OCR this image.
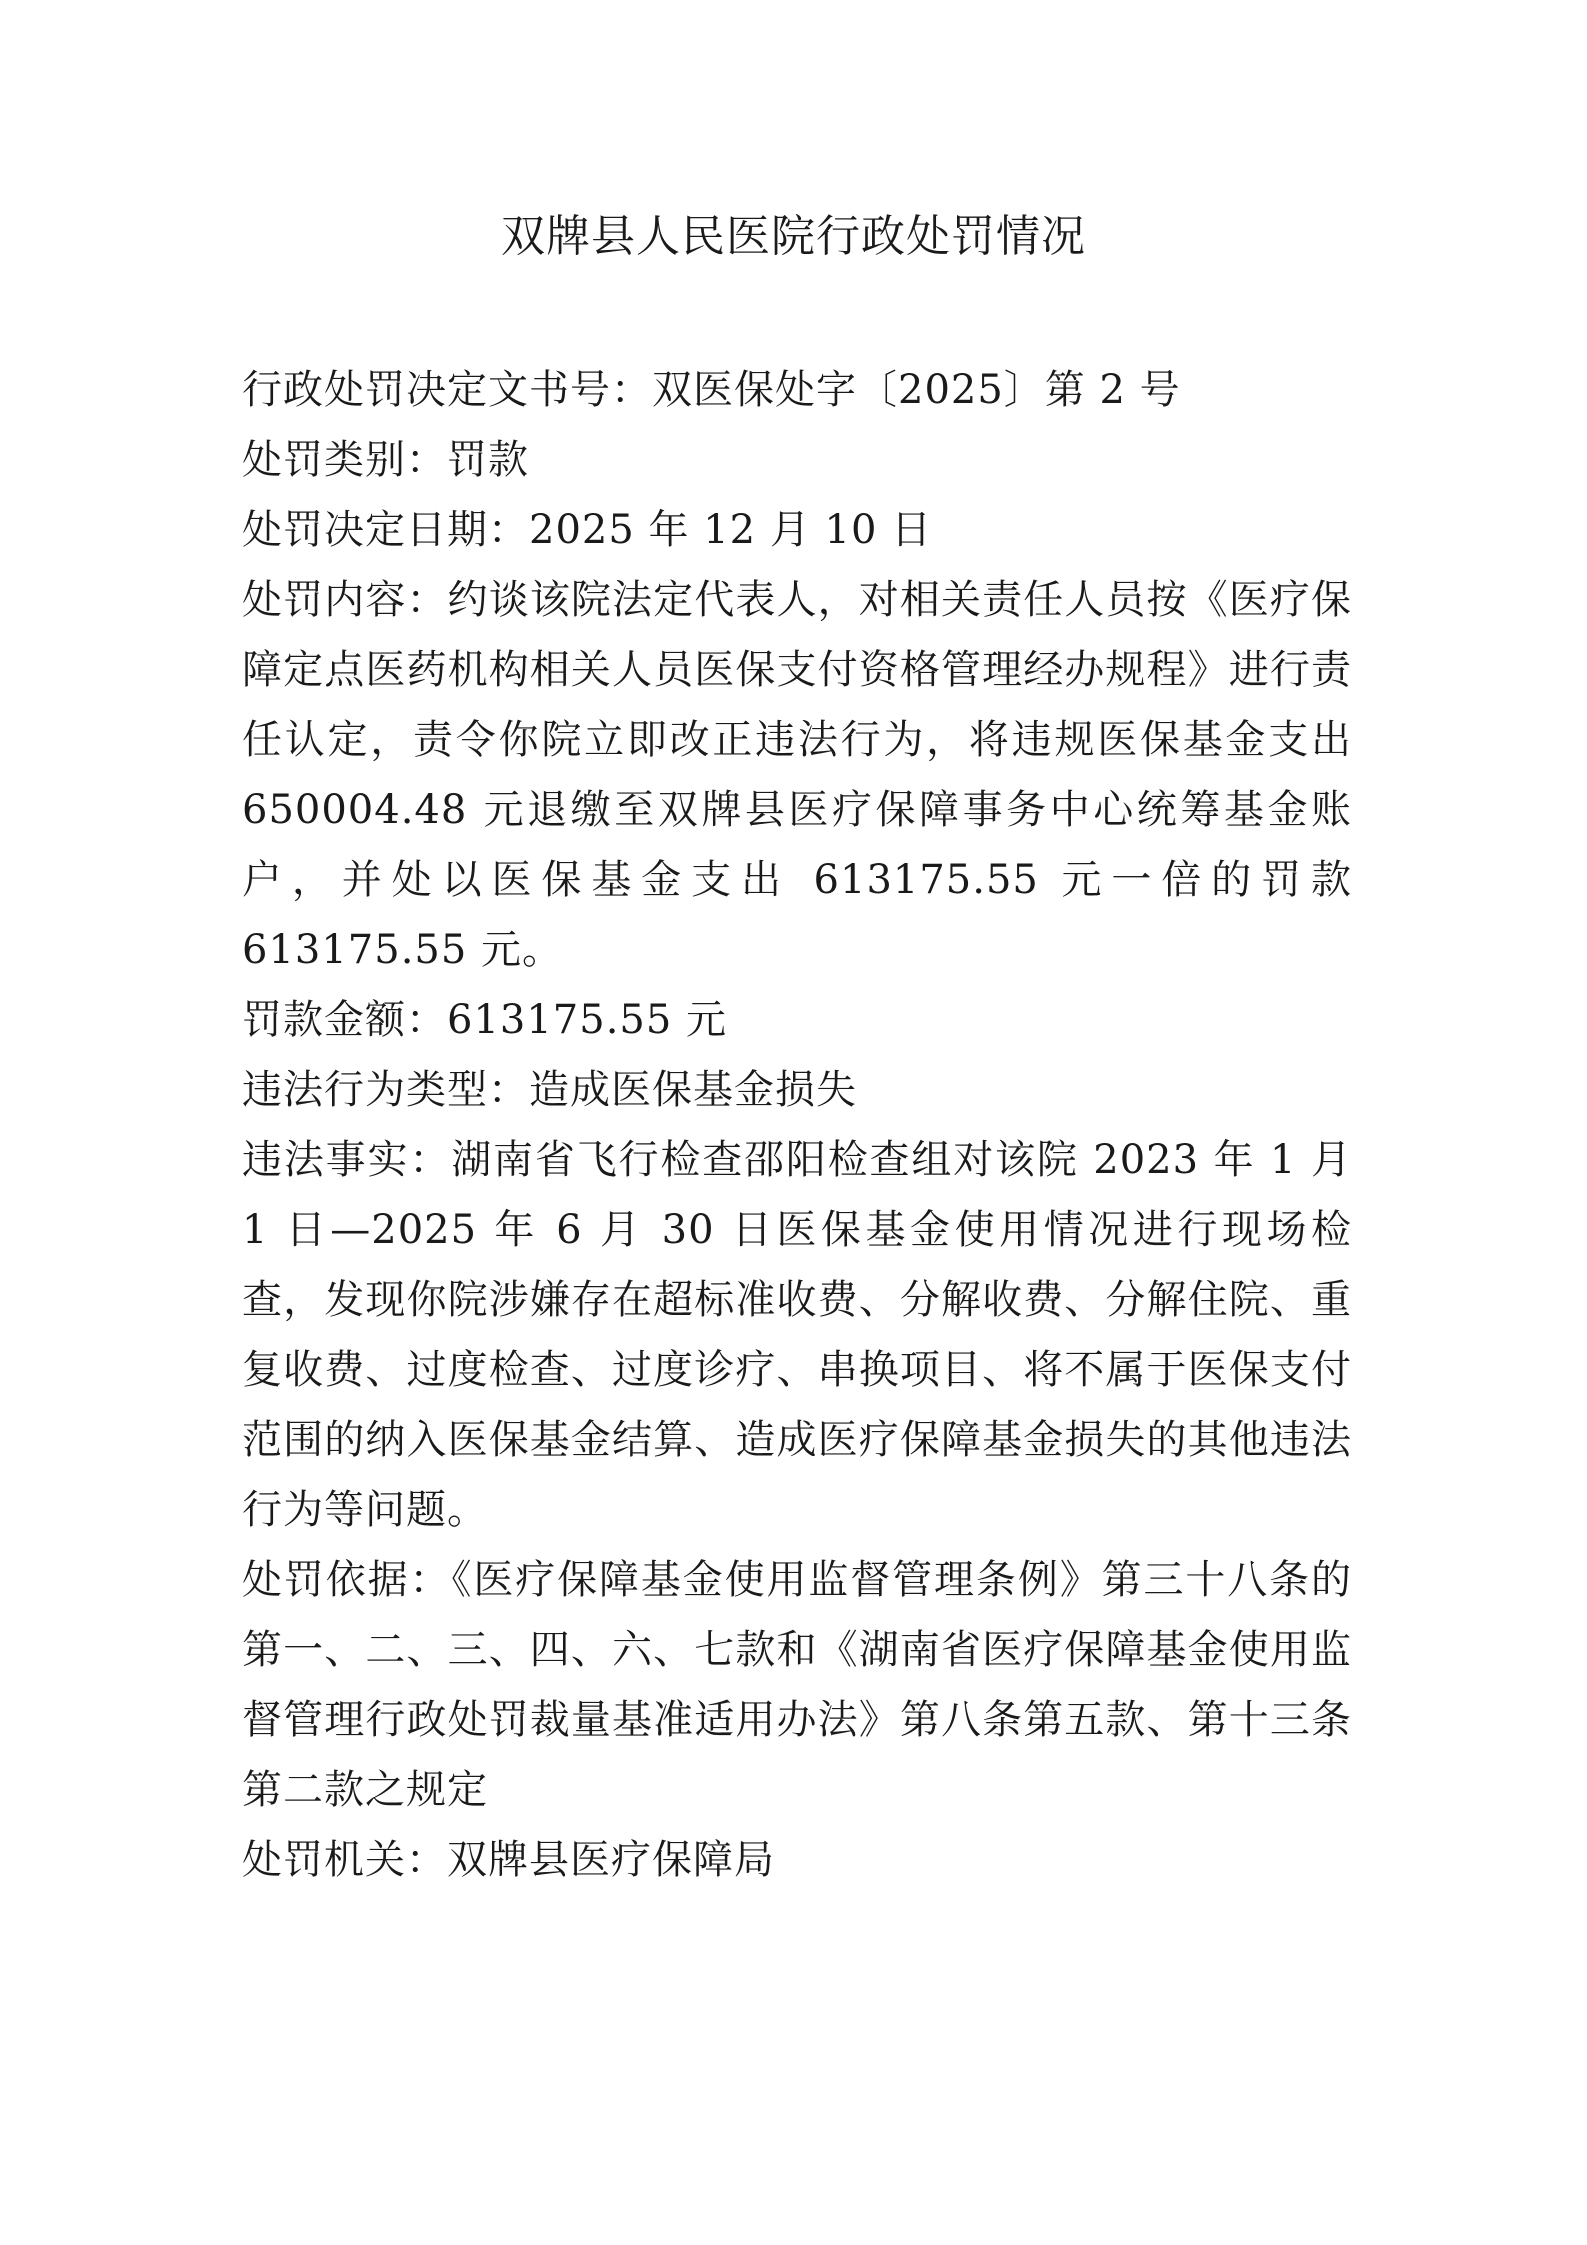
双牌县人民医院行政处罚情况

行政处罚决定文书号：双医保处字〔2025〕第 2 号

处罚类别：罚款

处罚决定日期：2025 年 12 月 10 日

处罚内容：约谈该院法定代表人，对相关责任人员按《医疗保障定点医药机构相关人员医保支付资格管理经办规程》进行责任认定，责令你院立即改正违法行为，将违规医保基金支出 650004.48 元退缴至双牌县医疗保障事务中心统筹基金账户，并处以医保基金支出 613175.55 元一倍的罚款 613175.55 元。

罚款金额：613175.55 元

违法行为类型：造成医保基金损失

违法事实：湖南省飞行检查邵阳检查组对该院 2023 年 1 月 1 日—2025 年 6 月 30 日医保基金使用情况进行现场检查，发现你院涉嫌存在超标准收费、分解收费、分解住院、重复收费、过度检查、过度诊疗、串换项目、将不属于医保支付范围的纳入医保基金结算、造成医疗保障基金损失的其他违法行为等问题。

处罚依据：《医疗保障基金使用监督管理条例》第三十八条的第一、二、三、四、六、七款和《湖南省医疗保障基金使用监督管理行政处罚裁量基准适用办法》第八条第五款、第十三条第二款之规定

处罚机关：双牌县医疗保障局
